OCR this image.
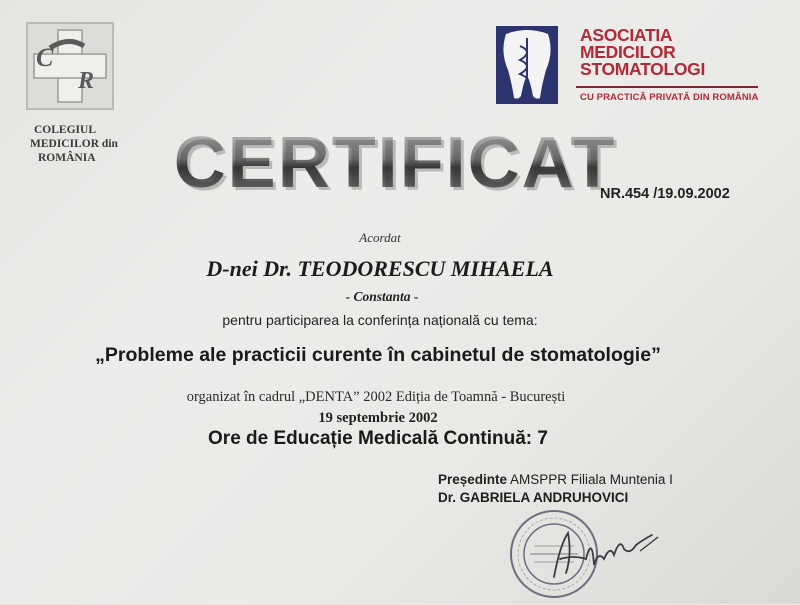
C
R
COLEGIUL
MEDICILOR din
ROMÂNIA
ASOCIATIA
MEDICILOR
STOMATOLOGI
CU PRACTICĂ PRIVATĂ DIN ROMÂNIA
CERTIFICAT
NR.454 /19.09.2002
Acordat
D-nei Dr. TEODORESCU MIHAELA
- Constanta -
pentru participarea la conferința națională cu tema:
„Probleme ale practicii curente în cabinetul de stomatologie”
organizat în cadrul „DENTA” 2002 Ediția de Toamnă - București
19 septembrie 2002
Ore de Educație Medicală Continuă: 7
Președinte AMSPPR Filiala Muntenia I
Dr. GABRIELA ANDRUHOVICI
